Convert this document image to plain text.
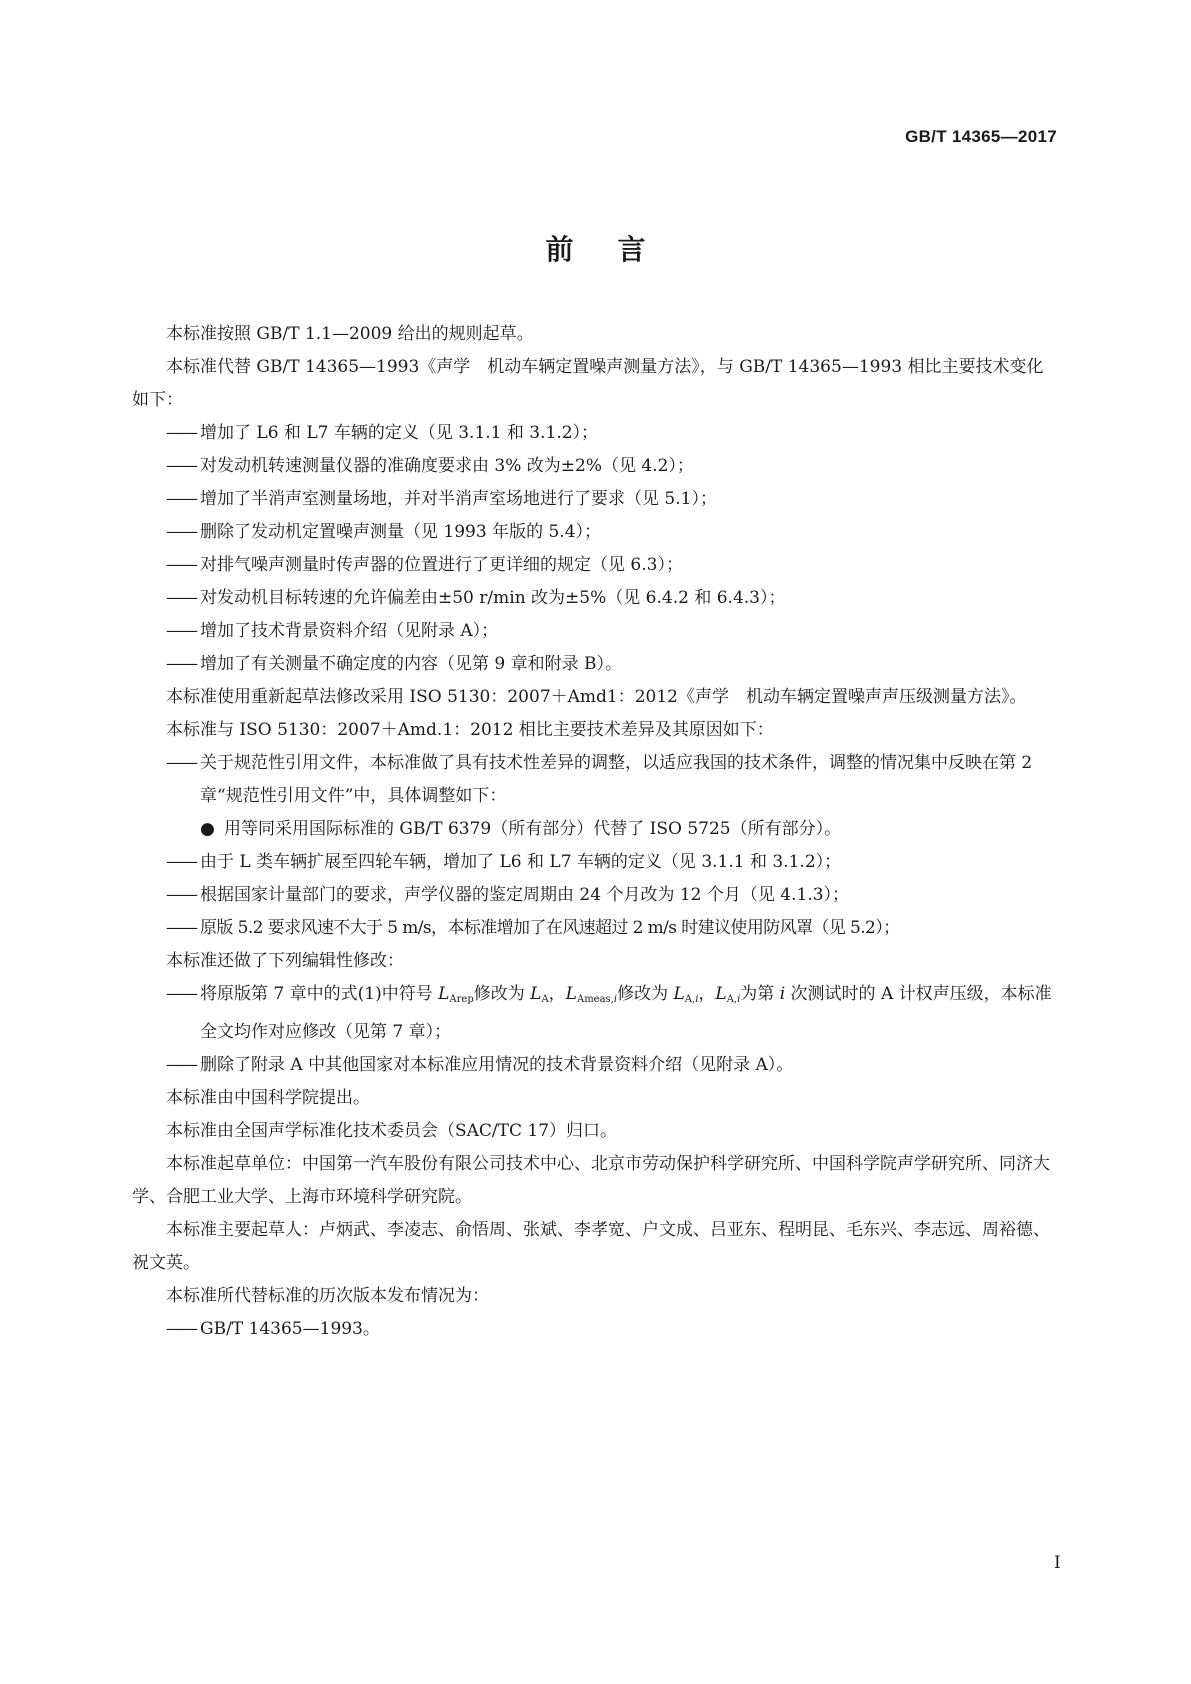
GB/T 14365—2017
前言

本标准按照 GB/T 1.1—2009 给出的规则起草。

本标准代替 GB/T 14365—1993《声学　机动车辆定置噪声测量方法》，与 GB/T 14365—1993 相比主要技术变化如下：

—— 增加了 L6 和 L7 车辆的定义（见 3.1.1 和 3.1.2）；

—— 对发动机转速测量仪器的准确度要求由 3% 改为±2%（见 4.2）；

—— 增加了半消声室测量场地，并对半消声室场地进行了要求（见 5.1）；

—— 删除了发动机定置噪声测量（见 1993 年版的 5.4）；

—— 对排气噪声测量时传声器的位置进行了更详细的规定（见 6.3）；

—— 对发动机目标转速的允许偏差由±50 r/min 改为±5%（见 6.4.2 和 6.4.3）；

—— 增加了技术背景资料介绍（见附录 A）；

—— 增加了有关测量不确定度的内容（见第 9 章和附录 B）。

本标准使用重新起草法修改采用 ISO 5130：2007＋Amd1：2012《声学　机动车辆定置噪声声压级测量方法》。

本标准与 ISO 5130：2007＋Amd.1：2012 相比主要技术差异及其原因如下：

—— 关于规范性引用文件，本标准做了具有技术性差异的调整，以适应我国的技术条件，调整的情况集中反映在第 2 章“规范性引用文件”中，具体调整如下：

● 用等同采用国际标准的 GB/T 6379（所有部分）代替了 ISO 5725（所有部分）。

—— 由于 L 类车辆扩展至四轮车辆，增加了 L6 和 L7 车辆的定义（见 3.1.1 和 3.1.2）；

—— 根据国家计量部门的要求，声学仪器的鉴定周期由 24 个月改为 12 个月（见 4.1.3）；

—— 原版 5.2 要求风速不大于 5 m/s，本标准增加了在风速超过 2 m/s 时建议使用防风罩（见 5.2）；

本标准还做了下列编辑性修改：

—— 将原版第 7 章中的式(1)中符号 $L_{Arep}$修改为 $L_A$，$L_{Ameas,i}$修改为 $L_{A,i}$，$L_{A,i}$为第 i 次测试时的 A 计权声压级，本标准全文均作对应修改（见第 7 章）；

—— 删除了附录 A 中其他国家对本标准应用情况的技术背景资料介绍（见附录 A）。

本标准由中国科学院提出。

本标准由全国声学标准化技术委员会（SAC/TC 17）归口。

本标准起草单位：中国第一汽车股份有限公司技术中心、北京市劳动保护科学研究所、中国科学院声学研究所、同济大学、合肥工业大学、上海市环境科学研究院。

本标准主要起草人：卢炳武、李凌志、俞悟周、张斌、李孝宽、户文成、吕亚东、程明昆、毛东兴、李志远、周裕德、祝文英。

本标准所代替标准的历次版本发布情况为：

—— GB/T 14365—1993。

I
